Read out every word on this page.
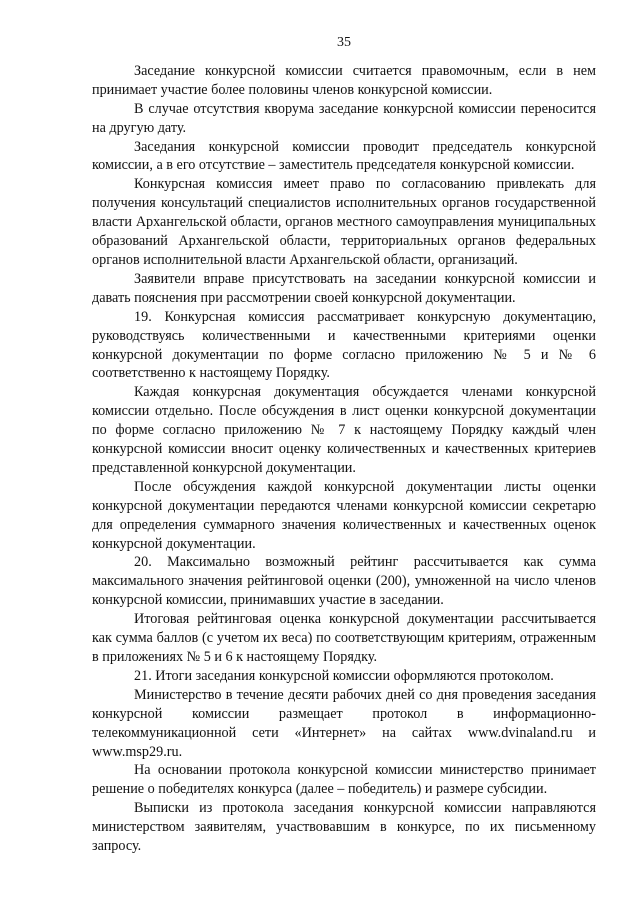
35

Заседание конкурсной комиссии считается правомочным, если в нем принимает участие более половины членов конкурсной комиссии.

В случае отсутствия кворума заседание конкурсной комиссии переносится на другую дату.

Заседания конкурсной комиссии проводит председатель конкурсной комиссии, а в его отсутствие – заместитель председателя конкурсной комиссии.

Конкурсная комиссия имеет право по согласованию привлекать для получения консультаций специалистов исполнительных органов государственной власти Архангельской области, органов местного самоуправления муниципальных образований Архангельской области, территориальных органов федеральных органов исполнительной власти Архангельской области, организаций.

Заявители вправе присутствовать на заседании конкурсной комиссии и давать пояснения при рассмотрении своей конкурсной документации.

19. Конкурсная комиссия рассматривает конкурсную документацию, руководствуясь количественными и качественными критериями оценки конкурсной документации по форме согласно приложению № 5 и № 6 соответственно к настоящему Порядку.

Каждая конкурсная документация обсуждается членами конкурсной комиссии отдельно. После обсуждения в лист оценки конкурсной документации по форме согласно приложению № 7 к настоящему Порядку каждый член конкурсной комиссии вносит оценку количественных и качественных критериев представленной конкурсной документации.

После обсуждения каждой конкурсной документации листы оценки конкурсной документации передаются членами конкурсной комиссии секретарю для определения суммарного значения количественных и качественных оценок конкурсной документации.

20. Максимально возможный рейтинг рассчитывается как сумма максимального значения рейтинговой оценки (200), умноженной на число членов конкурсной комиссии, принимавших участие в заседании.

Итоговая рейтинговая оценка конкурсной документации рассчитывается как сумма баллов (с учетом их веса) по соответствующим критериям, отраженным в приложениях № 5 и 6 к настоящему Порядку.

21. Итоги заседания конкурсной комиссии оформляются протоколом.

Министерство в течение десяти рабочих дней со дня проведения заседания конкурсной комиссии размещает протокол в информационно-телекоммуникационной сети «Интернет» на сайтах www.dvinaland.ru и www.msp29.ru.

На основании протокола конкурсной комиссии министерство принимает решение о победителях конкурса (далее – победитель) и размере субсидии.

Выписки из протокола заседания конкурсной комиссии направляются министерством заявителям, участвовавшим в конкурсе, по их письменному запросу.
